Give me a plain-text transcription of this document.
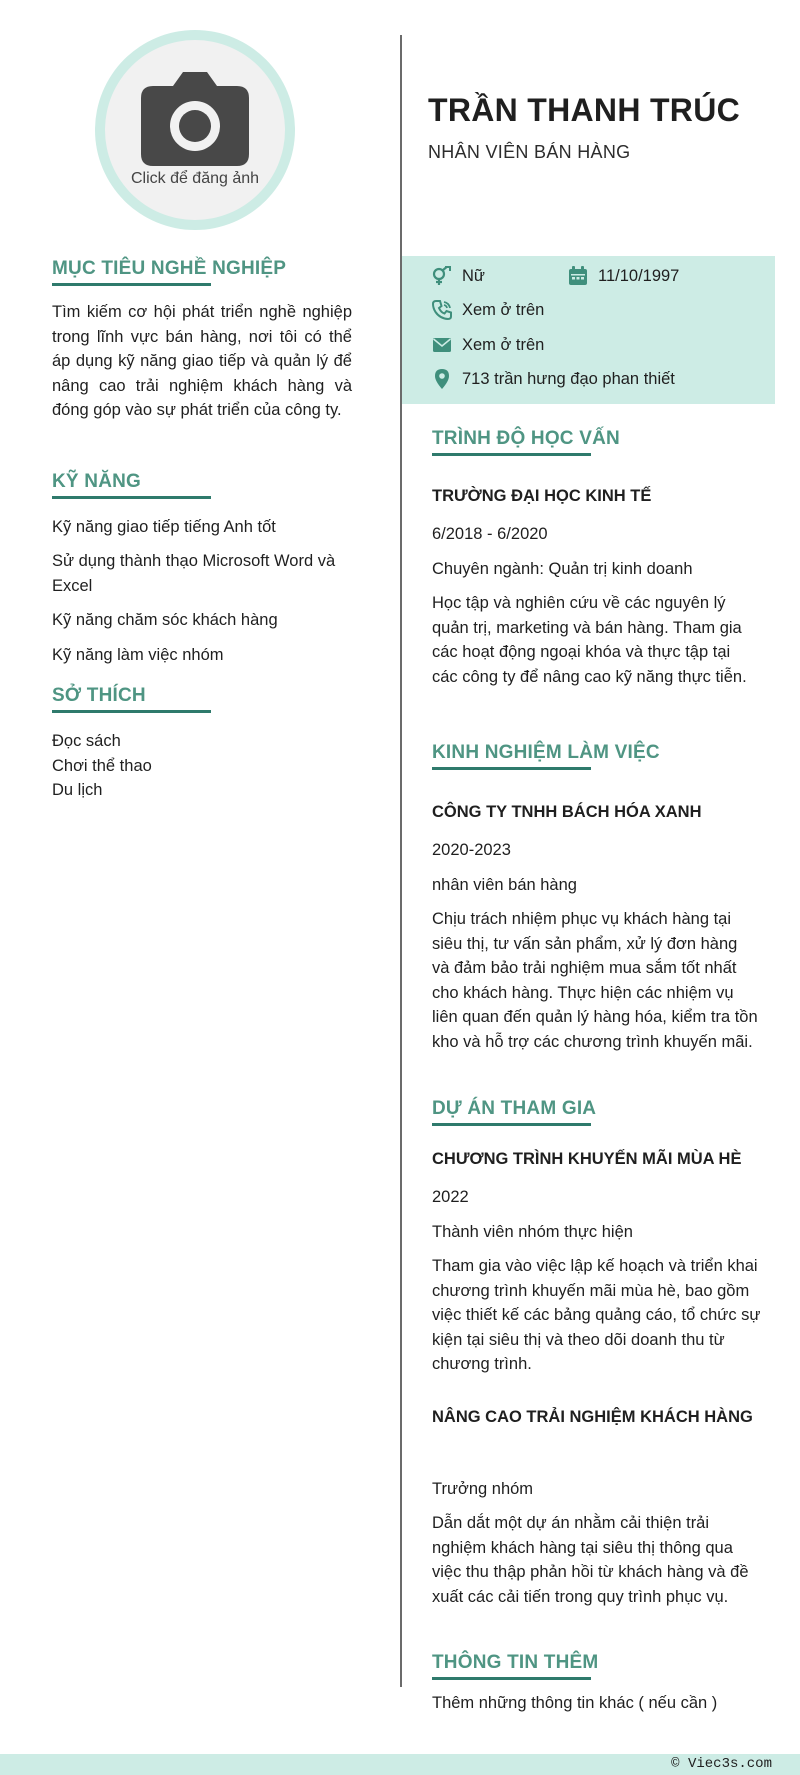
Click để đăng ảnh
MỤC TIÊU NGHỀ NGHIỆP
Tìm kiếm cơ hội phát triển nghề nghiệp trong lĩnh vực bán hàng, nơi tôi có thể áp dụng kỹ năng giao tiếp và quản lý để nâng cao trải nghiệm khách hàng và đóng góp vào sự phát triển của công ty.
KỸ NĂNG
Kỹ năng giao tiếp tiếng Anh tốt
Sử dụng thành thạo Microsoft Word và Excel
Kỹ năng chăm sóc khách hàng
Kỹ năng làm việc nhóm
SỞ THÍCH
Đọc sách
Chơi thể thao
Du lịch
TRẦN THANH TRÚC
NHÂN VIÊN BÁN HÀNG
Nữ	11/10/1997
Xem ở trên
Xem ở trên
713 trần hưng đạo phan thiết
TRÌNH ĐỘ HỌC VẤN
TRƯỜNG ĐẠI HỌC KINH TẾ
6/2018 - 6/2020
Chuyên ngành: Quản trị kinh doanh
Học tập và nghiên cứu về các nguyên lý quản trị, marketing và bán hàng. Tham gia các hoạt động ngoại khóa và thực tập tại các công ty để nâng cao kỹ năng thực tiễn.
KINH NGHIỆM LÀM VIỆC
CÔNG TY TNHH BÁCH HÓA XANH
2020-2023
nhân viên bán hàng
Chịu trách nhiệm phục vụ khách hàng tại siêu thị, tư vấn sản phẩm, xử lý đơn hàng và đảm bảo trải nghiệm mua sắm tốt nhất cho khách hàng. Thực hiện các nhiệm vụ liên quan đến quản lý hàng hóa, kiểm tra tồn kho và hỗ trợ các chương trình khuyến mãi.
DỰ ÁN THAM GIA
CHƯƠNG TRÌNH KHUYẾN MÃI MÙA HÈ
2022
Thành viên nhóm thực hiện
Tham gia vào việc lập kế hoạch và triển khai chương trình khuyến mãi mùa hè, bao gồm việc thiết kế các bảng quảng cáo, tổ chức sự kiện tại siêu thị và theo dõi doanh thu từ chương trình.
NÂNG CAO TRẢI NGHIỆM KHÁCH HÀNG
Trưởng nhóm
Dẫn dắt một dự án nhằm cải thiện trải nghiệm khách hàng tại siêu thị thông qua việc thu thập phản hồi từ khách hàng và đề xuất các cải tiến trong quy trình phục vụ.
THÔNG TIN THÊM
Thêm những thông tin khác ( nếu cần )
© Viec3s.com
